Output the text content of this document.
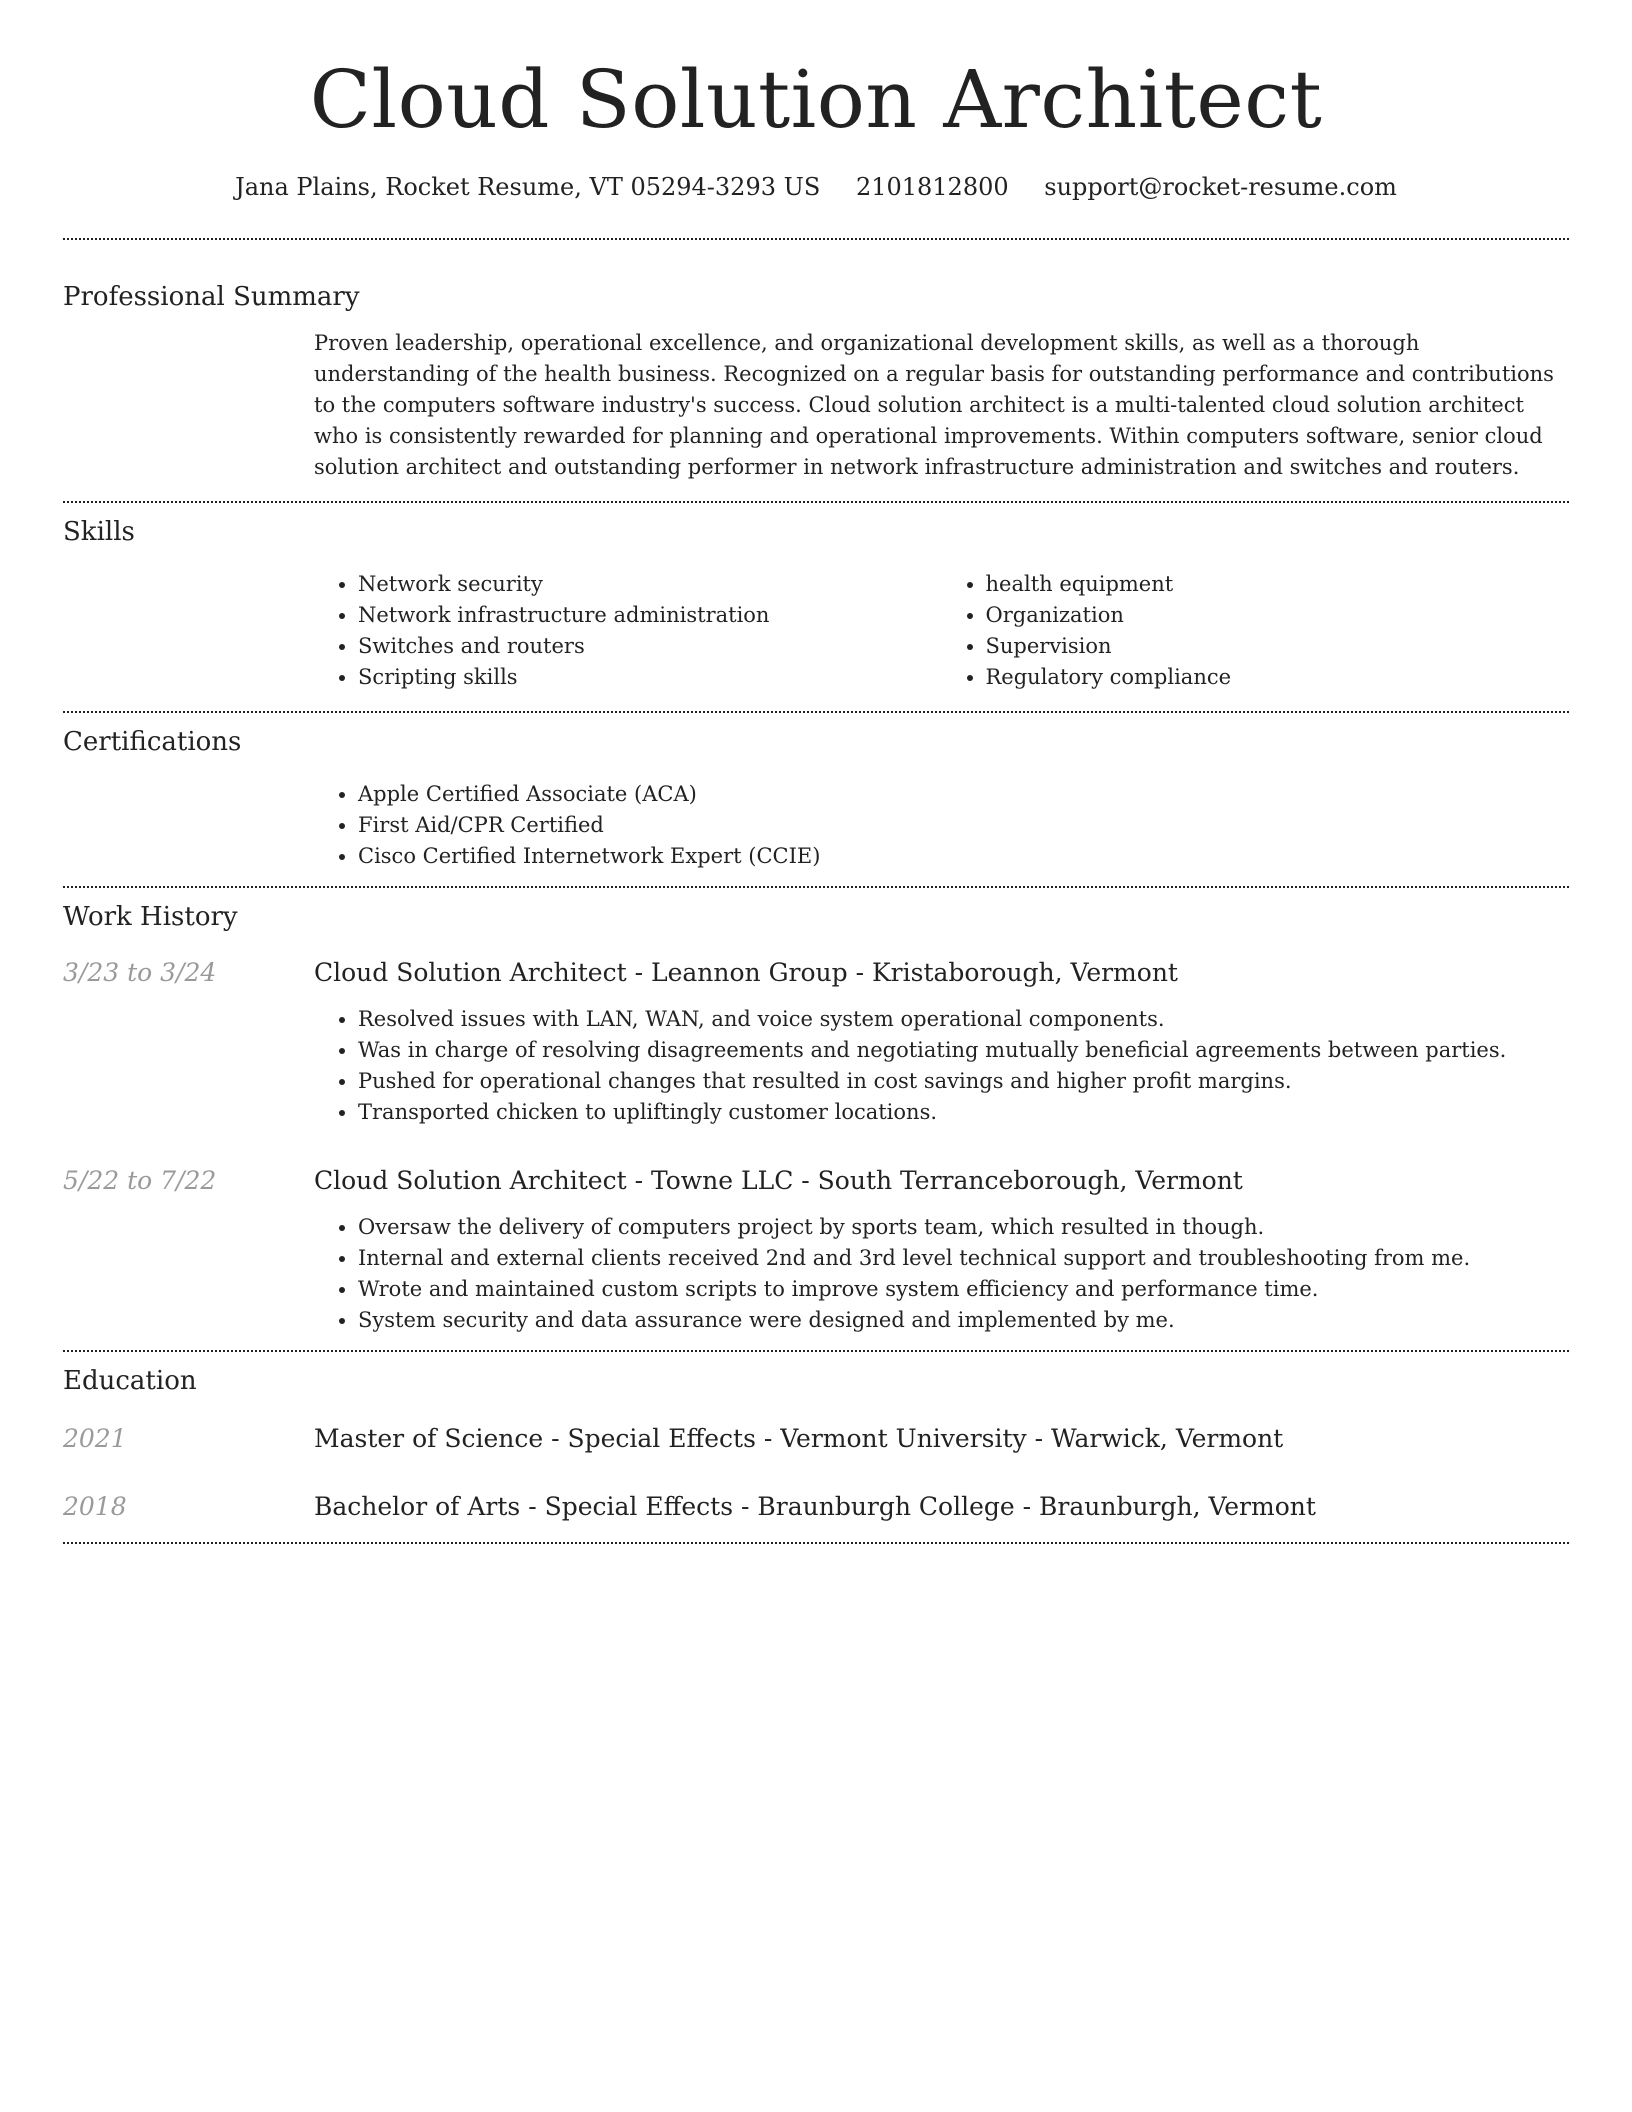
Cloud Solution Architect
Jana Plains, Rocket Resume, VT 05294-3293 US 2101812800 support@rocket-resume.com
Professional Summary

Proven leadership, operational excellence, and organizational development skills, as well as a thorough understanding of the health business. Recognized on a regular basis for outstanding performance and contributions to the computers software industry's success. Cloud solution architect is a multi-talented cloud solution architect who is consistently rewarded for planning and operational improvements. Within computers software, senior cloud solution architect and outstanding performer in network infrastructure administration and switches and routers.

Skills
• Network security
• Network infrastructure administration
• Switches and routers
• Scripting skills
• health equipment
• Organization
• Supervision
• Regulatory compliance
Certifications
• Apple Certified Associate (ACA)
• First Aid/CPR Certified
• Cisco Certified Internetwork Expert (CCIE)
Work History
3/23 to 3/24	Cloud Solution Architect - Leannon Group - Kristaborough, Vermont
• Resolved issues with LAN, WAN, and voice system operational components.
• Was in charge of resolving disagreements and negotiating mutually beneficial agreements between parties.
• Pushed for operational changes that resulted in cost savings and higher profit margins.
• Transported chicken to upliftingly customer locations.
5/22 to 7/22	Cloud Solution Architect - Towne LLC - South Terranceborough, Vermont
• Oversaw the delivery of computers project by sports team, which resulted in though.
• Internal and external clients received 2nd and 3rd level technical support and troubleshooting from me.
• Wrote and maintained custom scripts to improve system efficiency and performance time.
• System security and data assurance were designed and implemented by me.
Education
2021	Master of Science - Special Effects - Vermont University - Warwick, Vermont
2018	Bachelor of Arts - Special Effects - Braunburgh College - Braunburgh, Vermont
